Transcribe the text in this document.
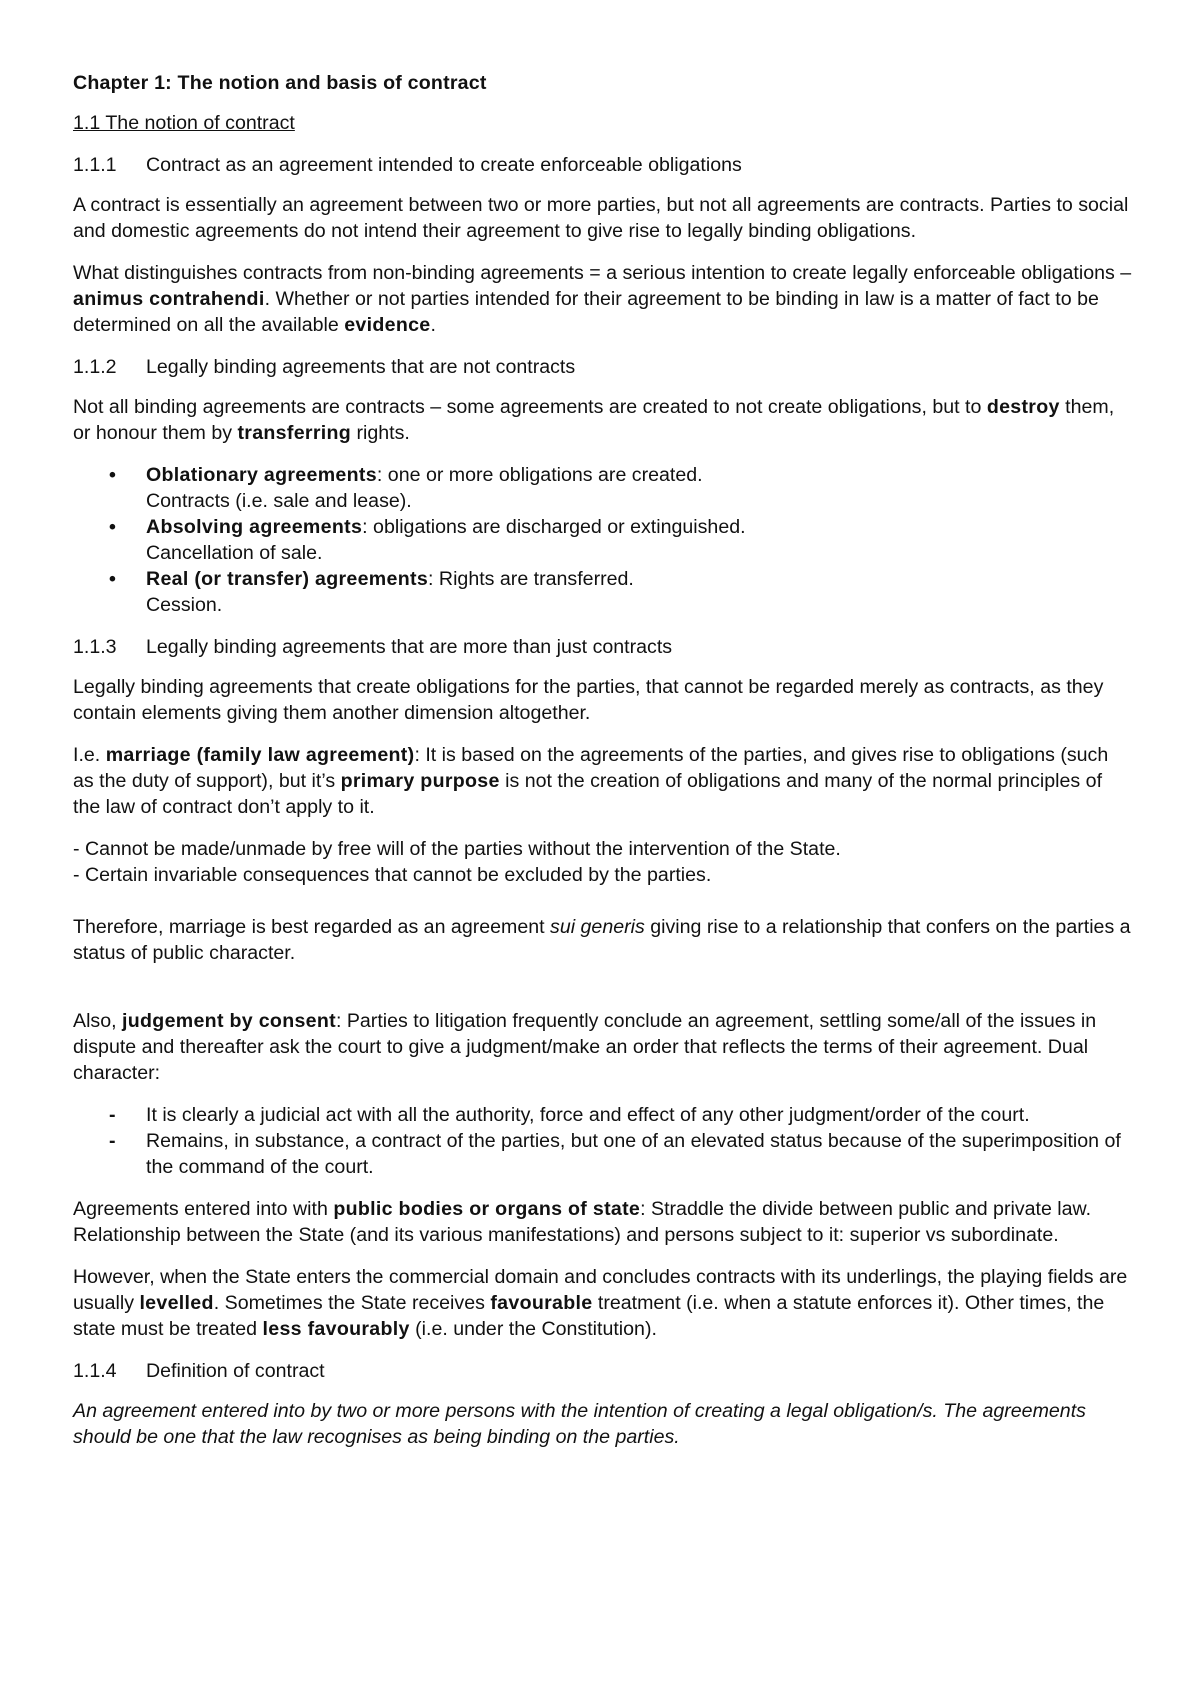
Chapter 1: The notion and basis of contract

1.1 The notion of contract

1.1.1 Contract as an agreement intended to create enforceable obligations

A contract is essentially an agreement between two or more parties, but not all agreements are contracts. Parties to social and domestic agreements do not intend their agreement to give rise to legally binding obligations.

What distinguishes contracts from non-binding agreements = a serious intention to create legally enforceable obligations – animus contrahendi. Whether or not parties intended for their agreement to be binding in law is a matter of fact to be determined on all the available evidence.

1.1.2 Legally binding agreements that are not contracts

Not all binding agreements are contracts – some agreements are created to not create obligations, but to destroy them, or honour them by transferring rights.

• Oblationary agreements: one or more obligations are created.
Contracts (i.e. sale and lease).
• Absolving agreements: obligations are discharged or extinguished.
Cancellation of sale.
• Real (or transfer) agreements: Rights are transferred.
Cession.

1.1.3 Legally binding agreements that are more than just contracts

Legally binding agreements that create obligations for the parties, that cannot be regarded merely as contracts, as they contain elements giving them another dimension altogether.

I.e. marriage (family law agreement): It is based on the agreements of the parties, and gives rise to obligations (such as the duty of support), but it’s primary purpose is not the creation of obligations and many of the normal principles of the law of contract don’t apply to it.

- Cannot be made/unmade by free will of the parties without the intervention of the State.

- Certain invariable consequences that cannot be excluded by the parties.

Therefore, marriage is best regarded as an agreement sui generis giving rise to a relationship that confers on the parties a status of public character.

Also, judgement by consent: Parties to litigation frequently conclude an agreement, settling some/all of the issues in dispute and thereafter ask the court to give a judgment/make an order that reflects the terms of their agreement. Dual character:

- It is clearly a judicial act with all the authority, force and effect of any other judgment/order of the court.
- Remains, in substance, a contract of the parties, but one of an elevated status because of the superimposition of the command of the court.

Agreements entered into with public bodies or organs of state: Straddle the divide between public and private law. Relationship between the State (and its various manifestations) and persons subject to it: superior vs subordinate.

However, when the State enters the commercial domain and concludes contracts with its underlings, the playing fields are usually levelled. Sometimes the State receives favourable treatment (i.e. when a statute enforces it). Other times, the state must be treated less favourably (i.e. under the Constitution).

1.1.4 Definition of contract

An agreement entered into by two or more persons with the intention of creating a legal obligation/s. The agreements should be one that the law recognises as being binding on the parties.
